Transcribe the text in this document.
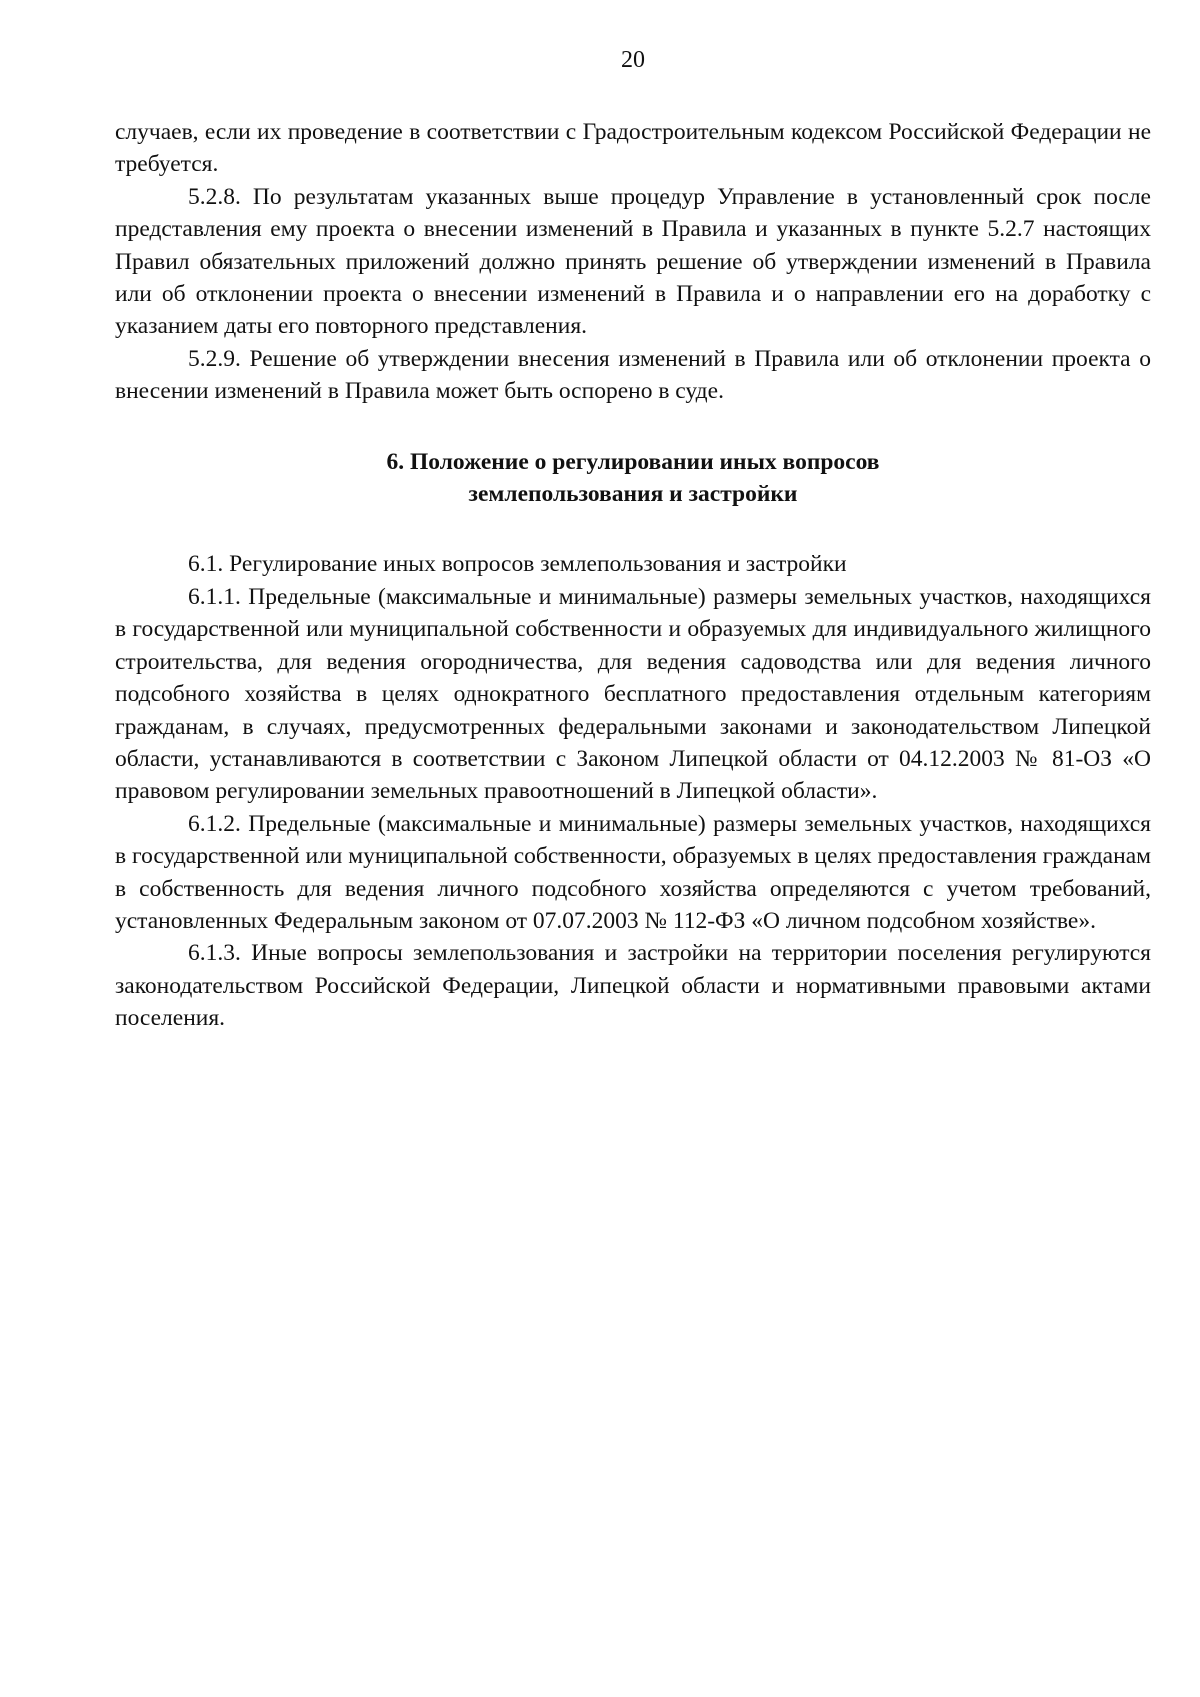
20

случаев, если их проведение в соответствии с Градостроительным кодексом Российской Федерации не требуется.

5.2.8. По результатам указанных выше процедур Управление в установленный срок после представления ему проекта о внесении изменений в Правила и указанных в пункте 5.2.7 настоящих Правил обязательных приложений должно принять решение об утверждении изменений в Правила или об отклонении проекта о внесении изменений в Правила и о направлении его на доработку с указанием даты его повторного представления.

5.2.9. Решение об утверждении внесения изменений в Правила или об отклонении проекта о внесении изменений в Правила может быть оспорено в суде.

6. Положение о регулировании иных вопросов
землепользования и застройки

6.1. Регулирование иных вопросов землепользования и застройки

6.1.1. Предельные (максимальные и минимальные) размеры земельных участков, находящихся в государственной или муниципальной собственности и образуемых для индивидуального жилищного строительства, для ведения огородничества, для ведения садоводства или для ведения личного подсобного хозяйства в целях однократного бесплатного предоставления отдельным категориям гражданам, в случаях, предусмотренных федеральными законами и законодательством Липецкой области, устанавливаются в соответствии с Законом Липецкой области от 04.12.2003 № 81-ОЗ «О правовом регулировании земельных правоотношений в Липецкой области».

6.1.2. Предельные (максимальные и минимальные) размеры земельных участков, находящихся в государственной или муниципальной собственности, образуемых в целях предоставления гражданам в собственность для ведения личного подсобного хозяйства определяются с учетом требований, установленных Федеральным законом от 07.07.2003 № 112-ФЗ «О личном подсобном хозяйстве».

6.1.3. Иные вопросы землепользования и застройки на территории поселения регулируются законодательством Российской Федерации, Липецкой области и нормативными правовыми актами поселения.
